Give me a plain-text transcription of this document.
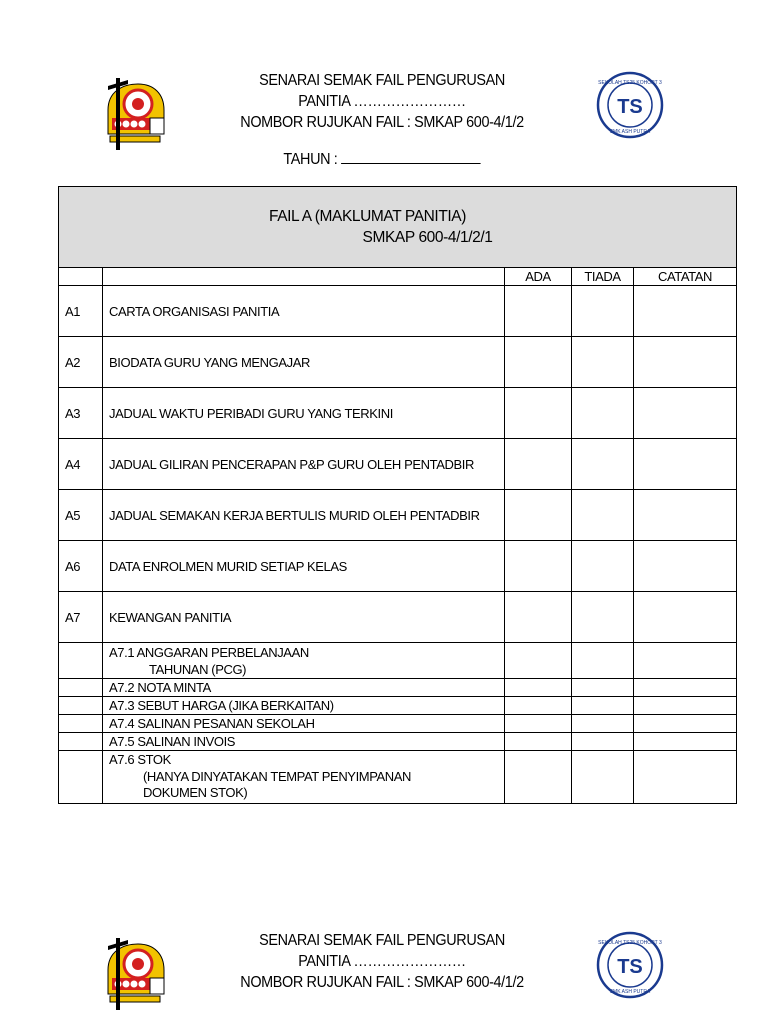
SENARAI SEMAK FAIL PENGURUSAN
PANITIA ……………………
NOMBOR RUJUKAN FAIL : SMKAP 600-4/1/2
TAHUN :
TS
SEKOLAH TS25 KOHORT 3
SMK ASH PUTRA
FAIL A (MAKLUMAT PANITIA)
SMKAP 600-4/1/2/1				

		ADA	TIADA	CATATAN
A1	CARTA ORGANISASI PANITIA			
A2	BIODATA GURU YANG MENGAJAR			
A3	JADUAL WAKTU PERIBADI GURU YANG TERKINI			
A4	JADUAL GILIRAN PENCERAPAN P&P GURU OLEH PENTADBIR			
A5	JADUAL SEMAKAN KERJA BERTULIS MURID OLEH PENTADBIR			
A6	DATA ENROLMEN MURID SETIAP KELAS			
A7	KEWANGAN PANITIA			

	A7.1 ANGGARAN PERBELANJAAN
TAHUNAN (PCG)			

	A7.2 NOTA MINTA			
	A7.3 SEBUT HARGA (JIKA BERKAITAN)			
	A7.4 SALINAN PESANAN SEKOLAH			
	A7.5 SALINAN INVOIS			

	A7.6 STOK
(HANYA DINYATAKAN TEMPAT PENYIMPANAN
DOKUMEN STOK)			

SENARAI SEMAK FAIL PENGURUSAN
PANITIA ……………………
NOMBOR RUJUKAN FAIL : SMKAP 600-4/1/2
TS
SEKOLAH TS25 KOHORT 3
SMK ASH PUTRA
